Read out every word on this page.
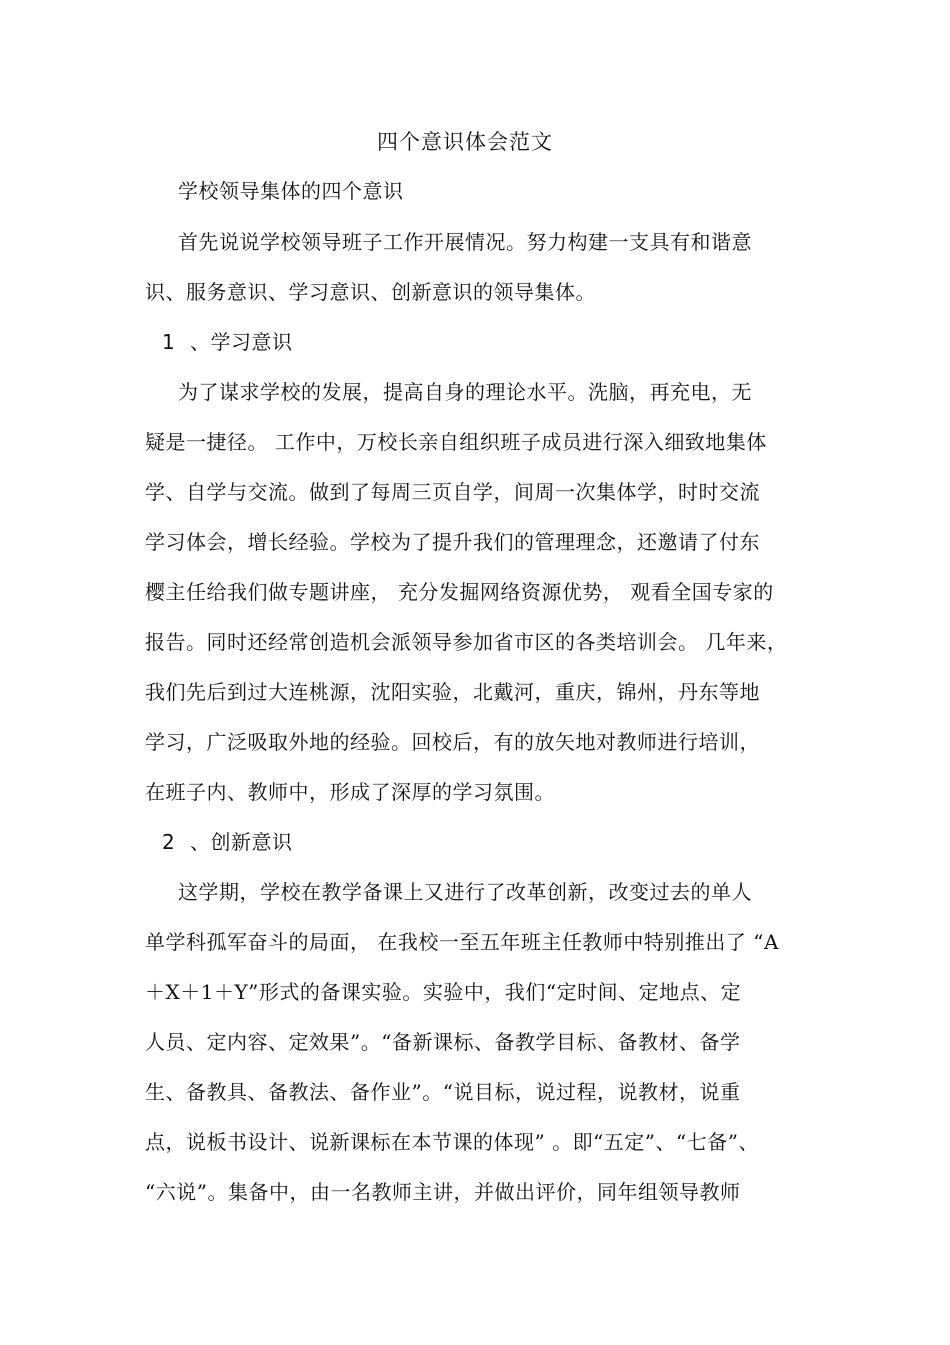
四个意识体会范文
学校领导集体的四个意识
首先说说学校领导班子工作开展情况。努力构建一支具有和谐意
识、服务意识、学习意识、创新意识的领导集体。
1 、学习意识
为了谋求学校的发展，提高自身的理论水平。洗脑，再充电，无
疑是一捷径。 工作中，万校长亲自组织班子成员进行深入细致地集体
学、自学与交流。做到了每周三页自学，间周一次集体学，时时交流
学习体会，增长经验。学校为了提升我们的管理理念，还邀请了付东
樱主任给我们做专题讲座， 充分发掘网络资源优势， 观看全国专家的
报告。同时还经常创造机会派领导参加省市区的各类培训会。 几年来，
我们先后到过大连桃源，沈阳实验，北戴河，重庆，锦州，丹东等地
学习，广泛吸取外地的经验。回校后，有的放矢地对教师进行培训，
在班子内、教师中，形成了深厚的学习氛围。
2 、创新意识
这学期，学校在教学备课上又进行了改革创新，改变过去的单人
单学科孤军奋斗的局面， 在我校一至五年班主任教师中特别推出了 “A
＋X＋1＋Y”形式的备课实验。实验中，我们“定时间、定地点、定
人员、定内容、定效果”。“备新课标、备教学目标、备教材、备学
生、备教具、备教法、备作业”。“说目标，说过程，说教材，说重
点，说板书设计、说新课标在本节课的体现” 。即“五定”、“七备”、
“六说”。集备中，由一名教师主讲，并做出评价，同年组领导教师
